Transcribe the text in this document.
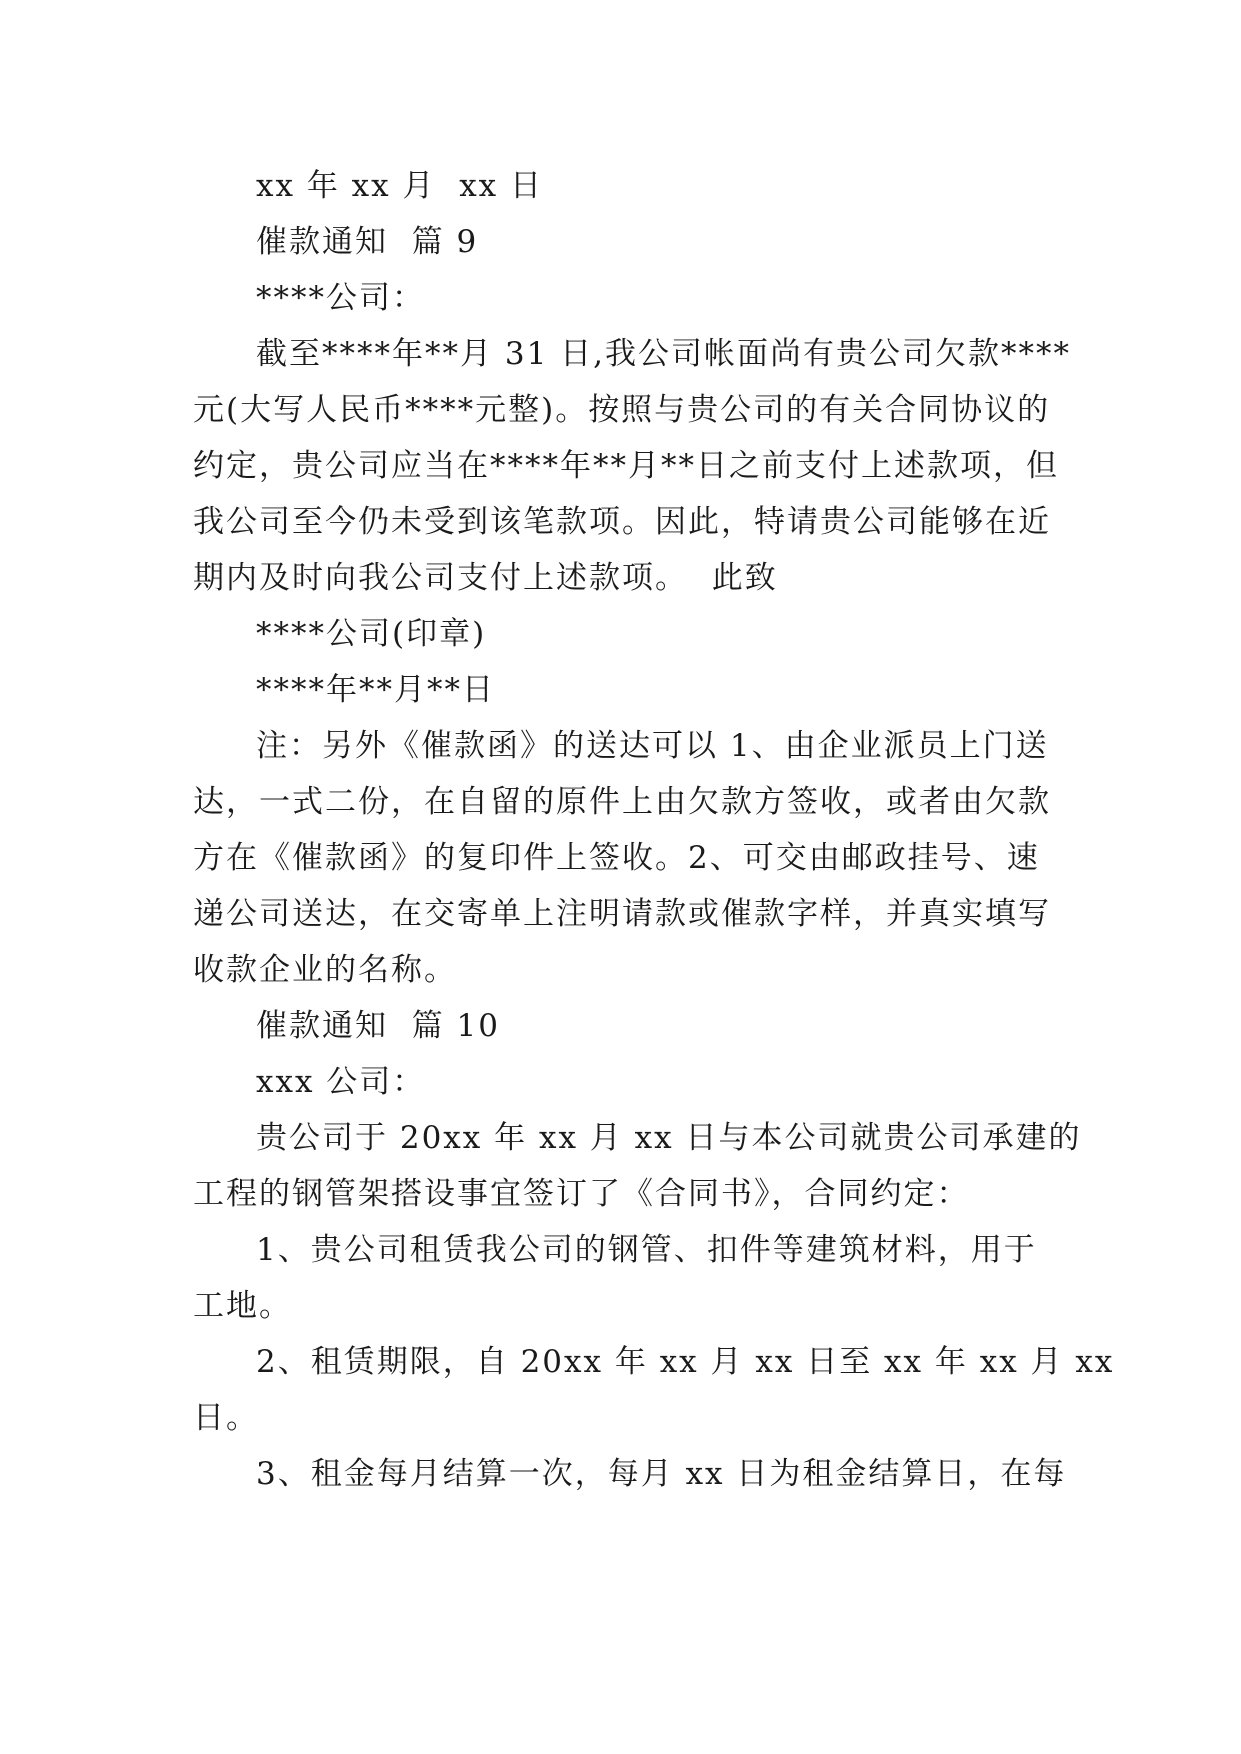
xx 年 xx 月  xx 日
催款通知  篇 9
****公司：
截至****年**月 31 日,我公司帐面尚有贵公司欠款****
元(大写人民币****元整)。按照与贵公司的有关合同协议的
约定，贵公司应当在****年**月**日之前支付上述款项，但
我公司至今仍未受到该笔款项。因此，特请贵公司能够在近
期内及时向我公司支付上述款项。  此致
****公司(印章)
****年**月**日
注：另外《催款函》的送达可以 1、由企业派员上门送
达，一式二份，在自留的原件上由欠款方签收，或者由欠款
方在《催款函》的复印件上签收。2、可交由邮政挂号、速
递公司送达，在交寄单上注明请款或催款字样，并真实填写
收款企业的名称。
催款通知  篇 10
xxx 公司：
贵公司于 20xx 年 xx 月 xx 日与本公司就贵公司承建的
工程的钢管架搭设事宜签订了《合同书》，合同约定：
1、贵公司租赁我公司的钢管、扣件等建筑材料，用于
工地。
2、租赁期限，自 20xx 年 xx 月 xx 日至 xx 年 xx 月 xx
日。
3、租金每月结算一次，每月 xx 日为租金结算日，在每
